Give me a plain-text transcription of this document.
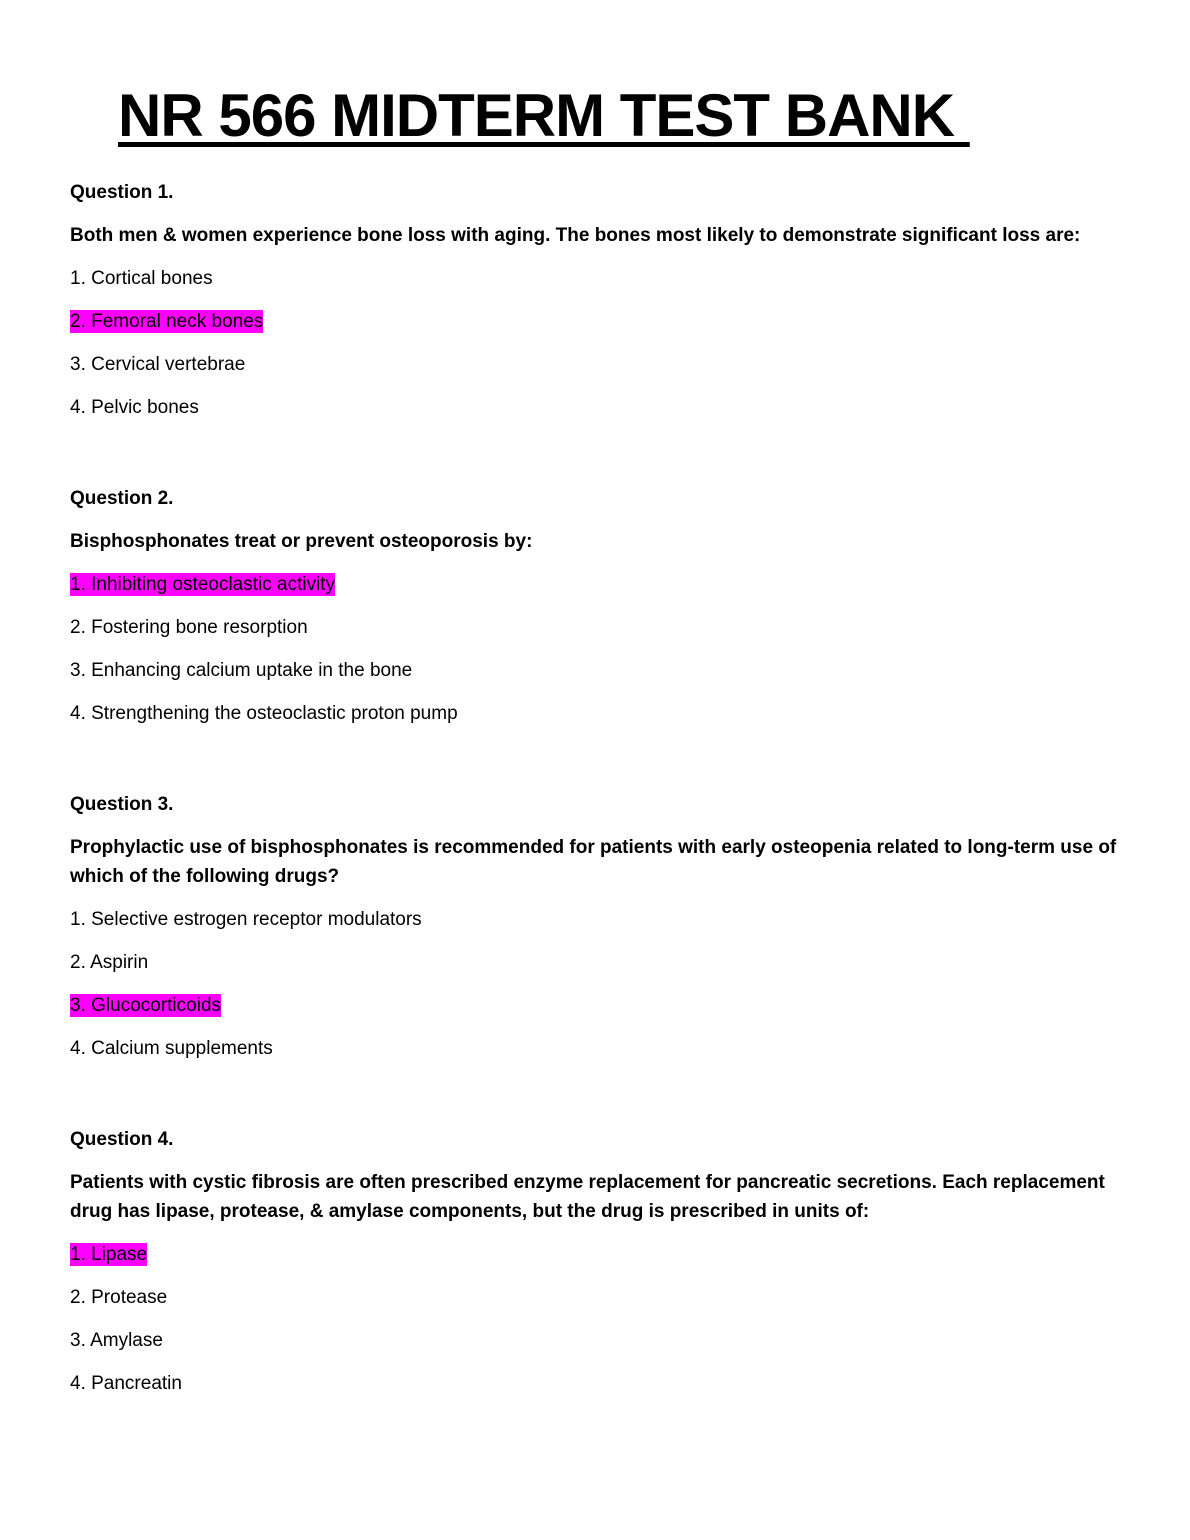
NR 566 MIDTERM TEST BANK

Question 1.

Both men & women experience bone loss with aging. The bones most likely to demonstrate significant loss are:

1. Cortical bones
2. Femoral neck bones
3. Cervical vertebrae
4. Pelvic bones

Question 2.

Bisphosphonates treat or prevent osteoporosis by:

1. Inhibiting osteoclastic activity
2. Fostering bone resorption
3. Enhancing calcium uptake in the bone
4. Strengthening the osteoclastic proton pump

Question 3.

Prophylactic use of bisphosphonates is recommended for patients with early osteopenia related to long-term use of which of the following drugs?

1. Selective estrogen receptor modulators
2. Aspirin
3. Glucocorticoids
4. Calcium supplements

Question 4.

Patients with cystic fibrosis are often prescribed enzyme replacement for pancreatic secretions. Each replacement drug has lipase, protease, & amylase components, but the drug is prescribed in units of:

1. Lipase
2. Protease
3. Amylase
4. Pancreatin
